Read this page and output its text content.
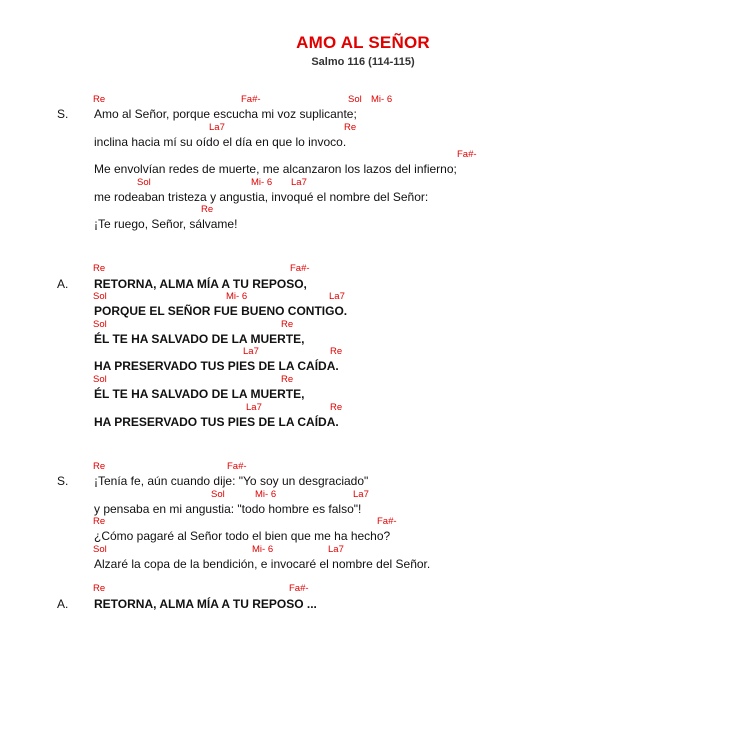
AMO AL SEÑOR
Salmo 116 (114-115)
Re	Fa#-	Sol Mi- 6
S. Amo al Señor, porque escucha mi voz suplicante;
La7	Re
inclina hacia mí su oído el día en que lo invoco.
Fa#-
Me envolvían redes de muerte, me alcanzaron los lazos del infierno;
Sol	Mi- 6 La7
me rodeaban tristeza y angustia, invoqué el nombre del Señor:
Re
¡Te ruego, Señor, sálvame!
Re	Fa#-
A. RETORNA, ALMA MÍA A TU REPOSO,
Sol	Mi- 6	La7
PORQUE EL SEÑOR FUE BUENO CONTIGO.
Sol	Re
ÉL TE HA SALVADO DE LA MUERTE,
La7	Re
HA PRESERVADO TUS PIES DE LA CAÍDA.
Sol	Re
ÉL TE HA SALVADO DE LA MUERTE,
La7	Re
HA PRESERVADO TUS PIES DE LA CAÍDA.
Re	Fa#-
S. ¡Tenía fe, aún cuando dije: "Yo soy un desgraciado"
Sol	Mi- 6	La7
y pensaba en mi angustia: "todo hombre es falso"!
Re	Fa#-
¿Cómo pagaré al Señor todo el bien que me ha hecho?
Sol	Mi- 6	La7
Alzaré la copa de la bendición, e invocaré el nombre del Señor.
Re	Fa#-
A. RETORNA, ALMA MÍA A TU REPOSO ...
